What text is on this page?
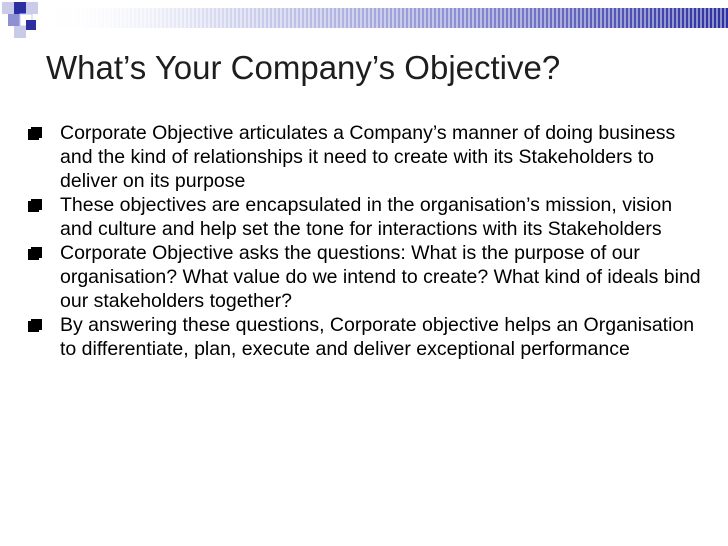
What’s Your Company’s Objective?
Corporate Objective articulates a Company’s manner of doing business and the kind of relationships it need to create with its Stakeholders to deliver on its purpose
These objectives are encapsulated in the organisation’s mission, vision and culture and help set the tone for interactions with its Stakeholders
Corporate Objective asks the questions: What is the purpose of our organisation? What value do we intend to create? What kind of ideals bind our stakeholders together?
By answering these questions, Corporate objective helps an Organisation to differentiate, plan, execute and deliver exceptional performance
